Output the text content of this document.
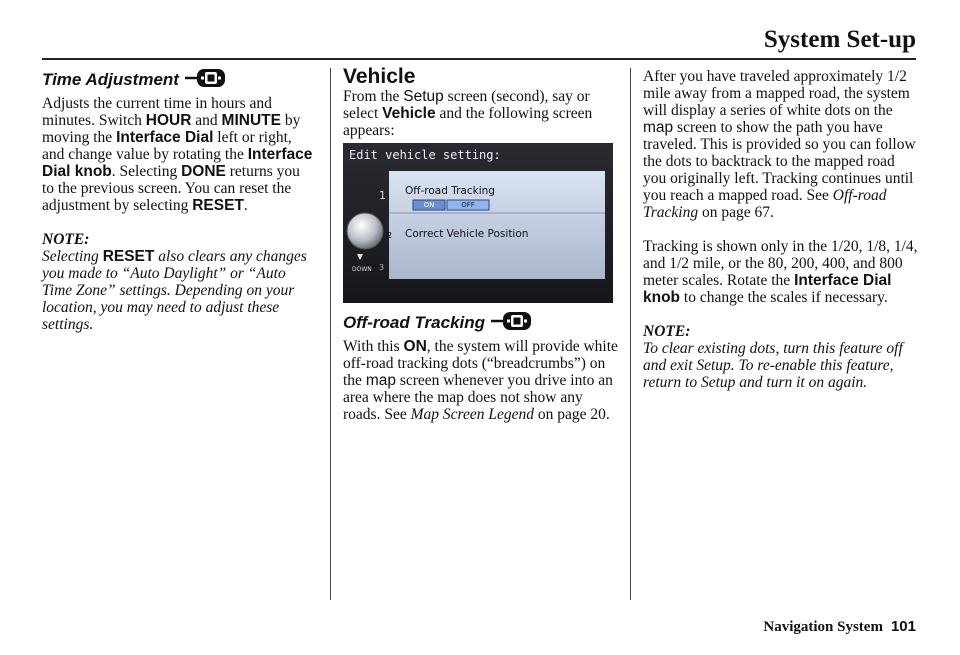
System Set-up
Time Adjustment

Adjusts the current time in hours and minutes. Switch HOUR and MINUTE by moving the Interface Dial left or right, and change value by rotating the Interface Dial knob. Selecting DONE returns you to the previous screen. You can reset the adjustment by selecting RESET.

NOTE:

Selecting RESET also clears any changes you made to “Auto Daylight” or “Auto Time Zone” settings. Depending on your location, you may need to adjust these settings.

Vehicle

From the Setup screen (second), say or select Vehicle and the following screen appears:

Edit vehicle setting:
Off-road Tracking
ON	OFF
Correct Vehicle Position
1
2
3
DOWN
Off-road Tracking

With this ON, the system will provide white off-road tracking dots (“breadcrumbs”) on the map screen whenever you drive into an area where the map does not show any roads. See Map Screen Legend on page 20.

After you have traveled approximately 1/2 mile away from a mapped road, the system will display a series of white dots on the map screen to show the path you have traveled. This is provided so you can follow the dots to backtrack to the mapped road you originally left. Tracking continues until you reach a mapped road. See Off-road Tracking on page 67.

Tracking is shown only in the 1/20, 1/8, 1/4, and 1/2 mile, or the 80, 200, 400, and 800 meter scales. Rotate the Interface Dial knob to change the scales if necessary.

NOTE:

To clear existing dots, turn this feature off and exit Setup. To re-enable this feature, return to Setup and turn it on again.

Navigation System 101
